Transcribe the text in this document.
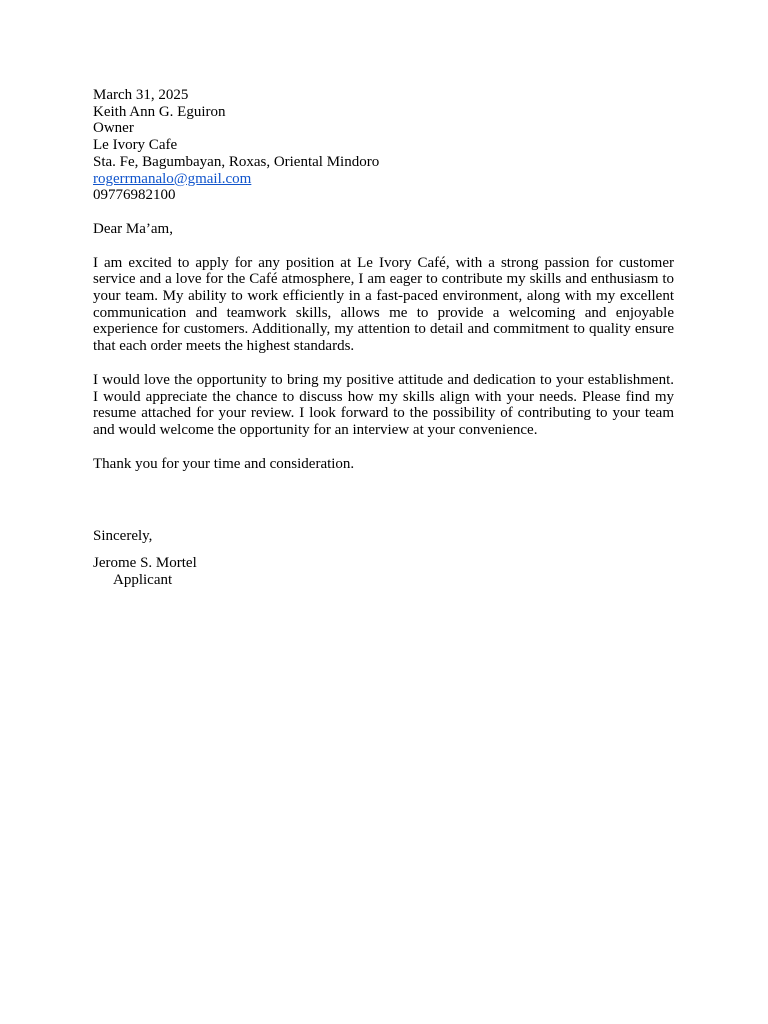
March 31, 2025
Keith Ann G. Eguiron
Owner
Le Ivory Cafe
Sta. Fe, Bagumbayan, Roxas, Oriental Mindoro
rogerrmanalo@gmail.com
09776982100
Dear Ma’am,
I am excited to apply for any position at Le Ivory Café, with a strong passion for customer service and a love for the Café atmosphere, I am eager to contribute my skills and enthusiasm to your team. My ability to work efficiently in a fast-paced environment, along with my excellent communication and teamwork skills, allows me to provide a welcoming and enjoyable experience for customers. Additionally, my attention to detail and commitment to quality ensure that each order meets the highest standards.
I would love the opportunity to bring my positive attitude and dedication to your establishment. I would appreciate the chance to discuss how my skills align with your needs. Please find my resume attached for your review. I look forward to the possibility of contributing to your team and would welcome the opportunity for an interview at your convenience.
Thank you for your time and consideration.
Sincerely,
Jerome S. Mortel
Applicant
